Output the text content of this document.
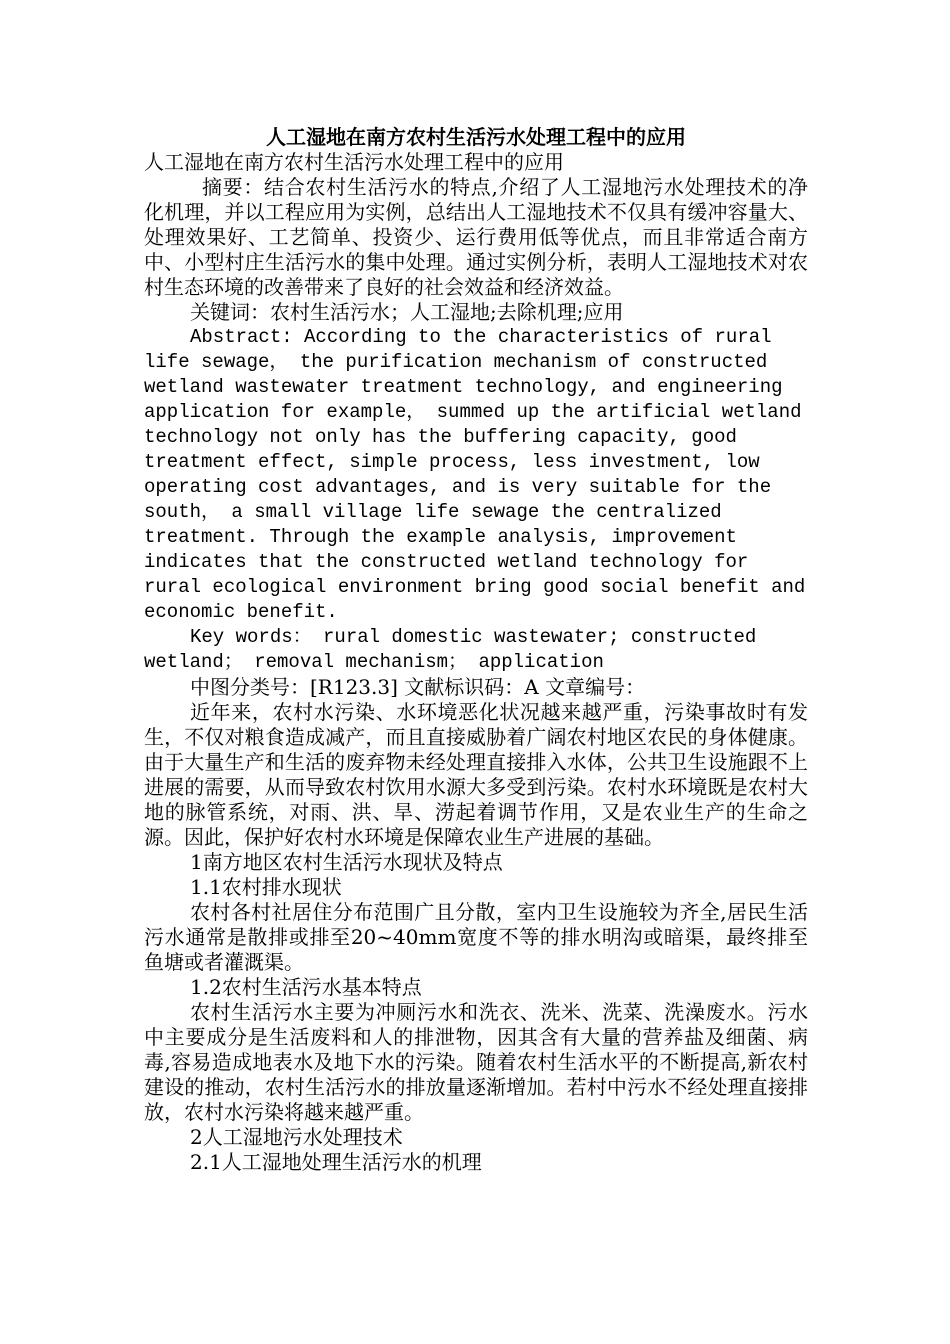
人工湿地在南方农村生活污水处理工程中的应用

人工湿地在南方农村生活污水处理工程中的应用

摘要：结合农村生活污水的特点,介绍了人工湿地污水处理技术的净化机理，并以工程应用为实例，总结出人工湿地技术不仅具有缓冲容量大、处理效果好、工艺简单、投资少、运行费用低等优点，而且非常适合南方中、小型村庄生活污水的集中处理。通过实例分析，表明人工湿地技术对农村生态环境的改善带来了良好的社会效益和经济效益。

关键词：农村生活污水；人工湿地;去除机理;应用

Abstract: According to the characteristics of rural life sewage， the purification mechanism of constructed wetland wastewater treatment technology, and engineering application for example， summed up the artificial wetland technology not only has the buffering capacity, good treatment effect, simple process, less investment, low operating cost advantages, and is very suitable for the south， a small village life sewage the centralized treatment. Through the example analysis, improvement indicates that the constructed wetland technology for rural ecological environment bring good social benefit and economic benefit.

Key words： rural domestic wastewater; constructed wetland； removal mechanism； application

中图分类号：[R123.3] 文献标识码：A 文章编号：

近年来，农村水污染、水环境恶化状况越来越严重，污染事故时有发生，不仅对粮食造成减产，而且直接威胁着广阔农村地区农民的身体健康。由于大量生产和生活的废弃物未经处理直接排入水体，公共卫生设施跟不上进展的需要，从而导致农村饮用水源大多受到污染。农村水环境既是农村大地的脉管系统，对雨、洪、旱、涝起着调节作用，又是农业生产的生命之源。因此，保护好农村水环境是保障农业生产进展的基础。

1南方地区农村生活污水现状及特点

1.1农村排水现状

农村各村社居住分布范围广且分散，室内卫生设施较为齐全,居民生活污水通常是散排或排至20~40mm宽度不等的排水明沟或暗渠，最终排至鱼塘或者灌溉渠。

1.2农村生活污水基本特点

农村生活污水主要为冲厕污水和洗衣、洗米、洗菜、洗澡废水。污水中主要成分是生活废料和人的排泄物，因其含有大量的营养盐及细菌、病毒,容易造成地表水及地下水的污染。随着农村生活水平的不断提高,新农村建设的推动，农村生活污水的排放量逐渐增加。若村中污水不经处理直接排放，农村水污染将越来越严重。

2人工湿地污水处理技术

2.1人工湿地处理生活污水的机理
